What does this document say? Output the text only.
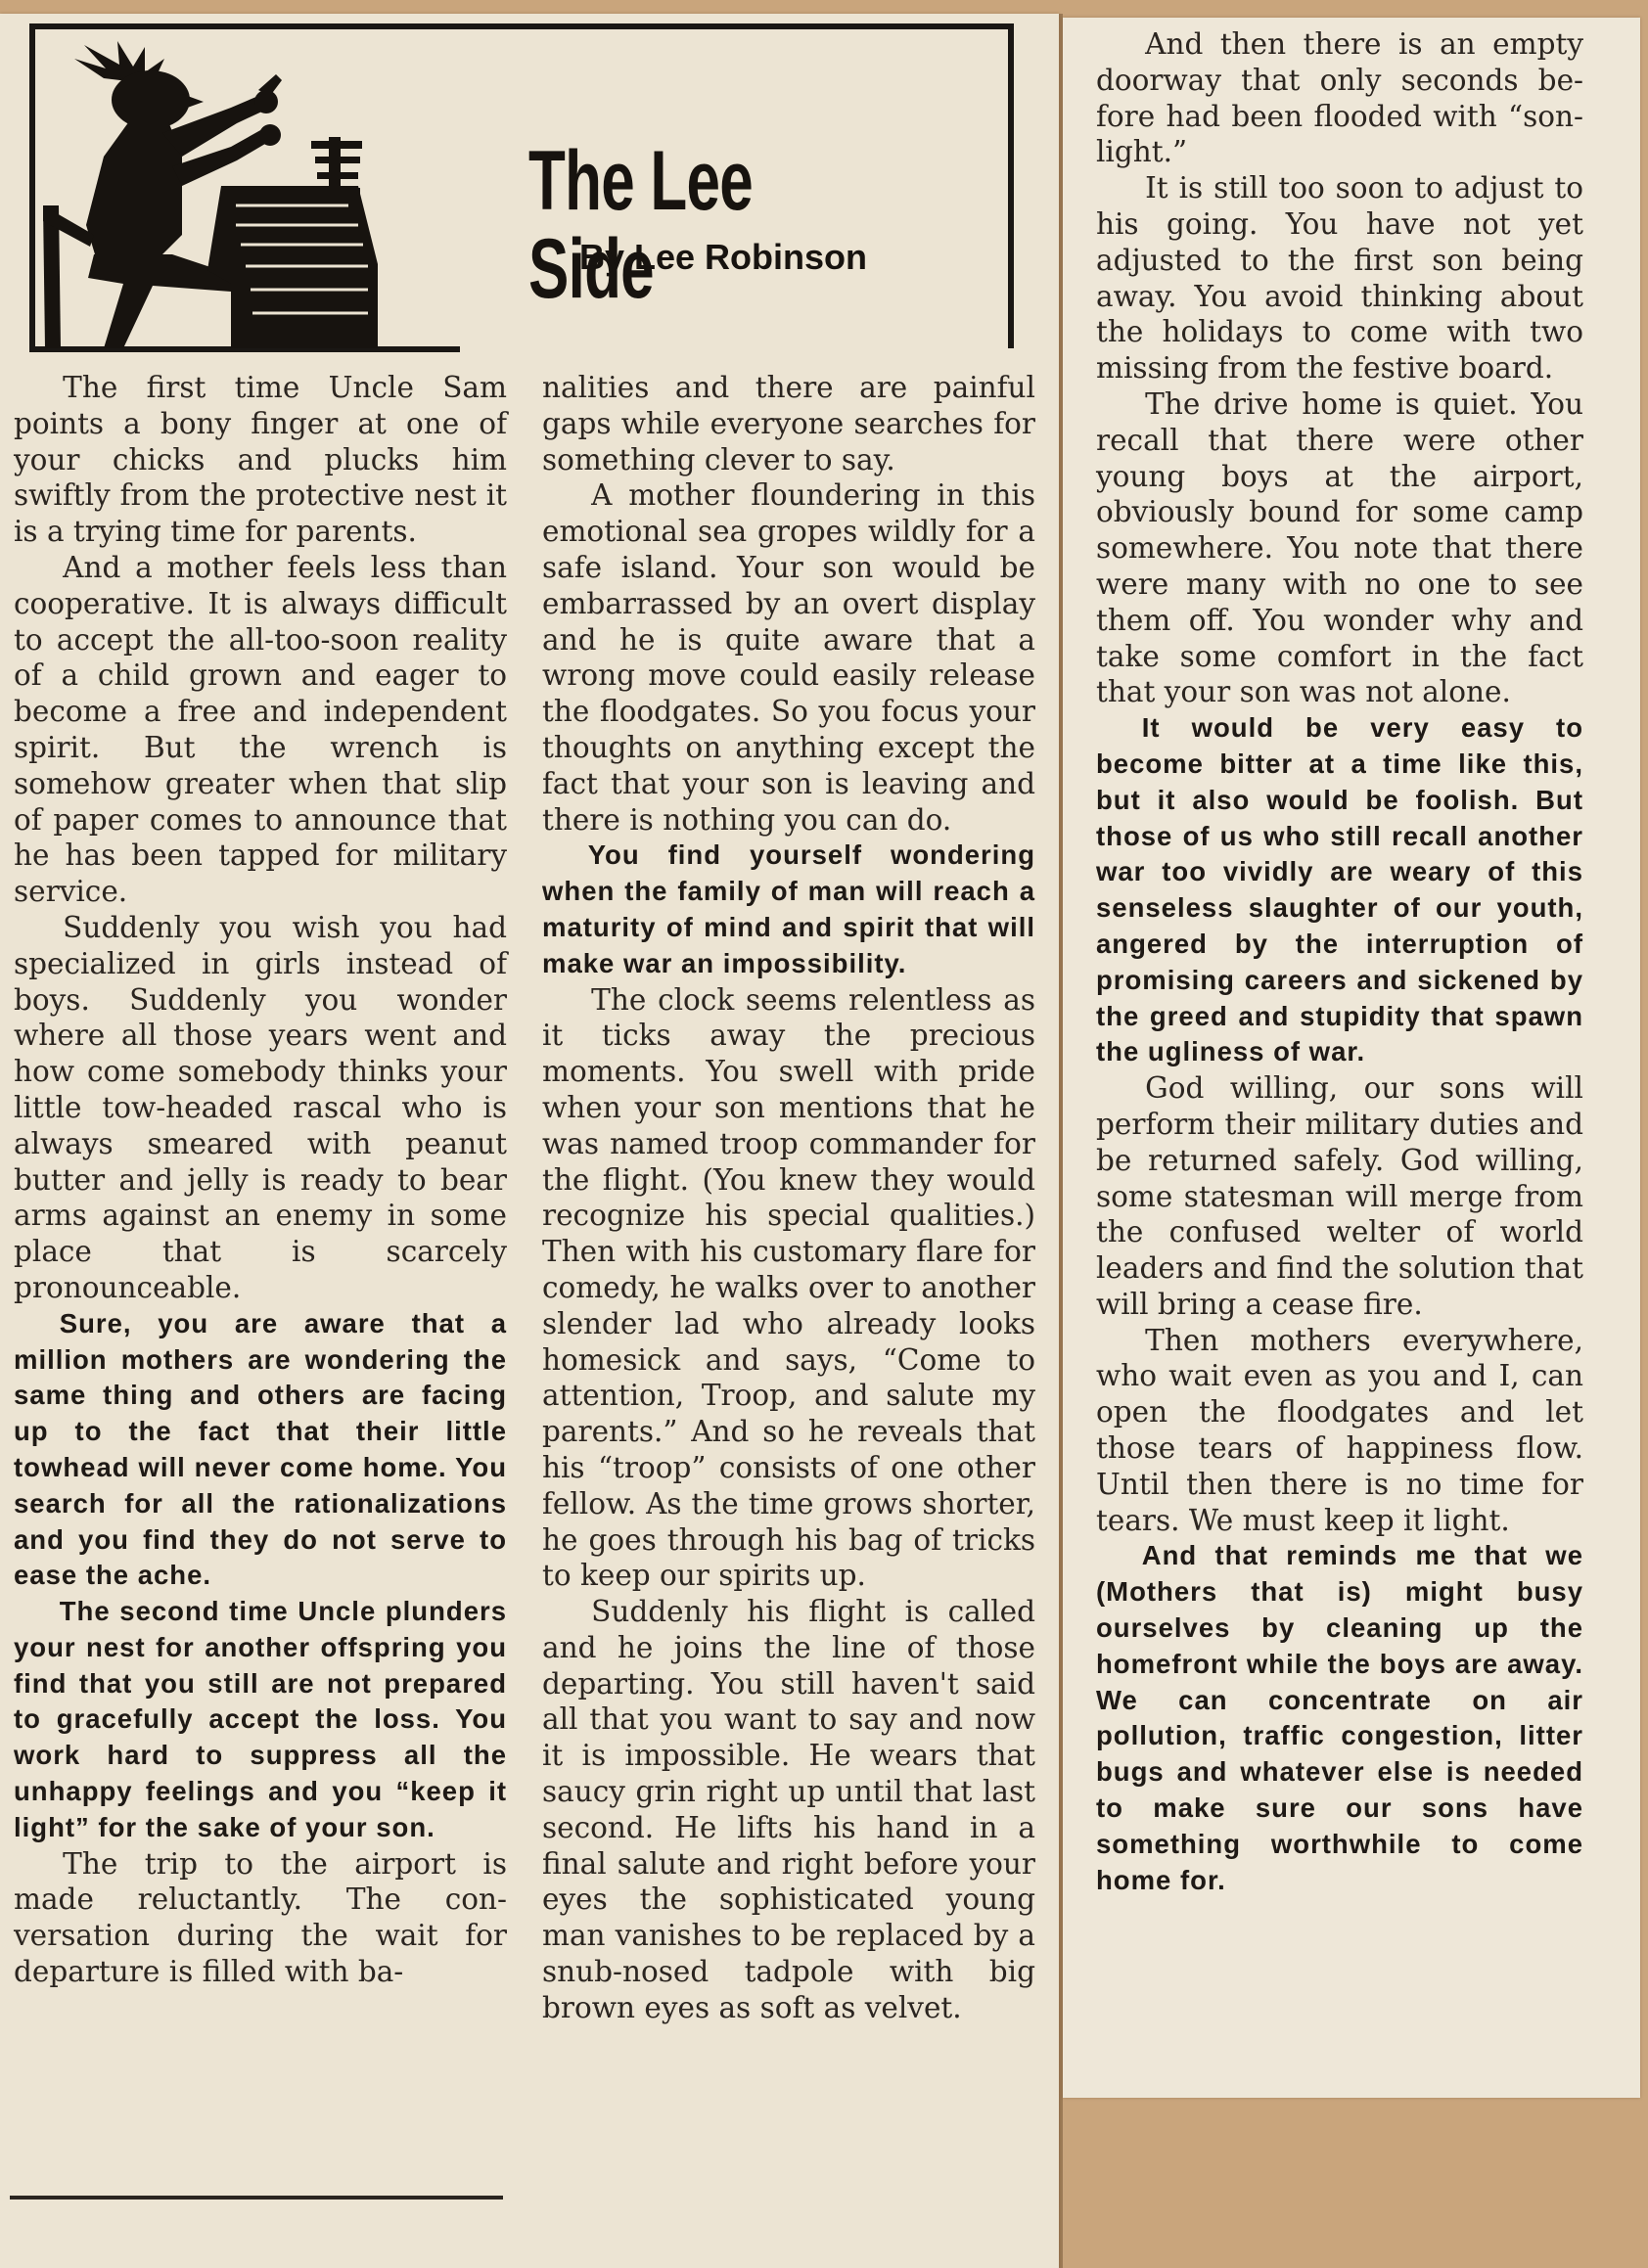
The Lee Side
By Lee Robinson

The first time Uncle Sam points a bony finger at one of your chicks and plucks him swiftly from the protective nest it is a trying time for parents.

And a mother feels less than cooperative. It is always difficult to accept the all-too-soon reality of a child grown and eager to become a free and independent spirit. But the wrench is somehow greater when that slip of paper comes to announce that he has been tapped for military service.

Suddenly you wish you had specialized in girls instead of boys. Suddenly you wonder where all those years went and how come somebody thinks your little tow-headed rascal who is always smeared with peanut butter and jelly is ready to bear arms against an enemy in some place that is scarcely pronounceable.

Sure, you are aware that a million mothers are wondering the same thing and others are facing up to the fact that their little towhead will never come home. You search for all the rationalizations and you find they do not serve to ease the ache.

The second time Uncle plunders your nest for another offspring you find that you still are not prepared to gracefully accept the loss. You work hard to suppress all the unhappy feelings and you “keep it light” for the sake of your son.

The trip to the airport is made reluctantly. The conversation during the wait for departure is filled with ba-

nalities and there are painful gaps while everyone searches for something clever to say.

A mother floundering in this emotional sea gropes wildly for a safe island. Your son would be embarrassed by an overt display and he is quite aware that a wrong move could easily release the floodgates. So you focus your thoughts on anything except the fact that your son is leaving and there is nothing you can do.

You find yourself wondering when the family of man will reach a maturity of mind and spirit that will make war an impossibility.

The clock seems relentless as it ticks away the precious moments. You swell with pride when your son mentions that he was named troop commander for the flight. (You knew they would recognize his special qualities.) Then with his customary flare for comedy, he walks over to another slender lad who already looks homesick and says, “Come to attention, Troop, and salute my parents.” And so he reveals that his “troop” consists of one other fellow. As the time grows shorter, he goes through his bag of tricks to keep our spirits up.

Suddenly his flight is called and he joins the line of those departing. You still haven't said all that you want to say and now it is impossible. He wears that saucy grin right up until that last second. He lifts his hand in a final salute and right before your eyes the sophisticated young man vanishes to be replaced by a snub-nosed tadpole with big brown eyes as soft as velvet.

And then there is an empty doorway that only seconds before had been flooded with “son-light.”

It is still too soon to adjust to his going. You have not yet adjusted to the first son being away. You avoid thinking about the holidays to come with two missing from the festive board.

The drive home is quiet. You recall that there were other young boys at the airport, obviously bound for some camp somewhere. You note that there were many with no one to see them off. You wonder why and take some comfort in the fact that your son was not alone.

It would be very easy to become bitter at a time like this, but it also would be foolish. But those of us who still recall another war too vividly are weary of this senseless slaughter of our youth, angered by the interruption of promising careers and sickened by the greed and stupidity that spawn the ugliness of war.

God willing, our sons will perform their military duties and be returned safely. God willing, some statesman will merge from the confused welter of world leaders and find the solution that will bring a cease fire.

Then mothers everywhere, who wait even as you and I, can open the floodgates and let those tears of happiness flow. Until then there is no time for tears. We must keep it light.

And that reminds me that we (Mothers that is) might busy ourselves by cleaning up the homefront while the boys are away. We can concentrate on air pollution, traffic congestion, litter bugs and whatever else is needed to make sure our sons have something worthwhile to come home for.
